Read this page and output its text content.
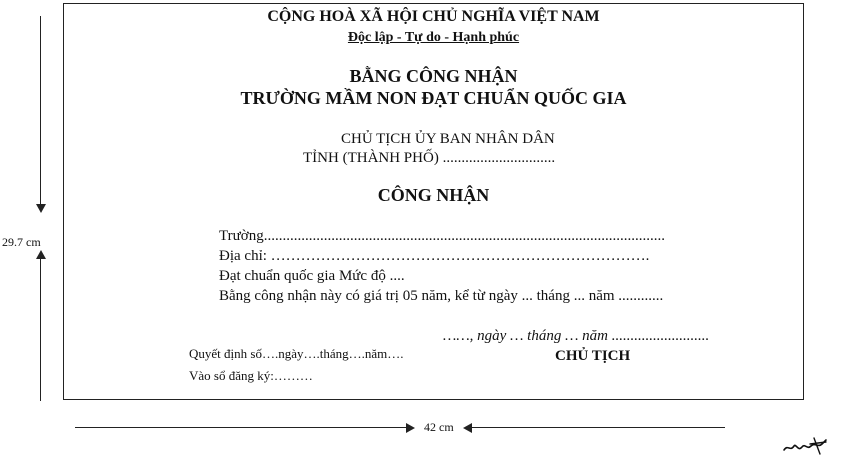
CỘNG HOÀ XÃ HỘI CHỦ NGHĨA VIỆT NAM
Độc lập - Tự do - Hạnh phúc
BẰNG CÔNG NHẬN
TRƯỜNG MẦM NON ĐẠT CHUẨN QUỐC GIA
CHỦ TỊCH ỦY BAN NHÂN DÂN
TỈNH (THÀNH PHỐ) ..............................
CÔNG NHẬN
Trường...........................................................................................................
Địa chỉ: ………………………………………………………………….
Đạt chuẩn quốc gia Mức độ ....
Bằng công nhận này có giá trị 05 năm, kể từ ngày ... tháng ... năm ............
……, ngày … tháng … năm ..........................
CHỦ TỊCH
Quyết định số….ngày….tháng….năm….
Vào sổ đăng ký:………
29.7 cm
42 cm
